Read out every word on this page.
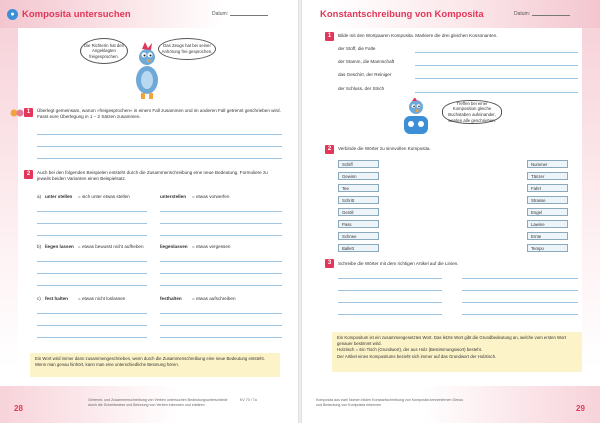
● Komposita untersuchen	Datum:
Die Richterin hat den Angeklagten freigesprochen.
Das Zeugs hat bei seiner Anhörung frei gesprochen.
1	Überlegt gemeinsam, warum »freigesprochen« in einem Fall zusammen und im anderen Fall getrennt geschrieben wird. Fasst eure Überlegung in 1 – 2 Sätzen zusammen.
2	Auch bei den folgenden Beispielen entsteht durch die Zusammenschreibung eine neue Bedeutung. Formuliere zu jeweils beiden Varianten einen Beispielsatz.
a) unter stellen = sich unter etwas stellen	unterstellen = etwas vorwerfen
b) liegen lassen = etwas bewusst nicht aufheben	liegenlassen = etwas vergessen
c) fest halten = etwas nicht loslassen	festhalten = etwas aufschreiben
Ein Wort wird immer dann zusammengeschrieben, wenn durch die Zusammenschreibung eine neue Bedeutung entsteht. Wenn man genau hinhört, kann man eine unterschiedliche Betonung hören.
28
Getrennt- und Zusammenschreibung von Verben untersuchen Bedeutungsunterschiede durch die Schreibweise und Betonung von Verben erkennen und erklären
KV 70 / 7a
Konstantschreibung von Komposita	Datum:
1	Bilde mit den Wortpaaren Komposita. Markiere die drei gleichen Konsonanten.
der Stoff, die Falte
der Stamm, die Mannschaft
das Geschirr, der Reiniger
der Schluss, der Strich
Treffen bei einer Komposition gleiche Buchstaben aufeinander, werden alle geschrieben.
2	Verbinde die Wörter zu sinnvollen Komposita.
Schiff
Gewinn
Tee
Schritt
Geröll
Pass
Schnee
Ballett
Nummer
Tänzer
Fahrt
Strasse
Engel
Lawine
Ernte
Tempo
3	Schreibe die Wörter mit dem richtigen Artikel auf die Linien.
Ein Kompositum ist ein zusammengesetztes Wort. Das letzte Wort gibt die Grundbedeutung an, welche vom ersten Wort genauer bestimmt wird.
Holztisch = Ein Tisch (Grundwort), der aus Holz (Bestimmungswort) besteht.
Der Artikel eines Kompositums bezieht sich immer auf das Grundwort der Holztisch.
Komposita aus zwei Nomen bilden Konstantschreibung von Komposita kennenlernen Genus und Bedeutung von Komposita erkennen	29
